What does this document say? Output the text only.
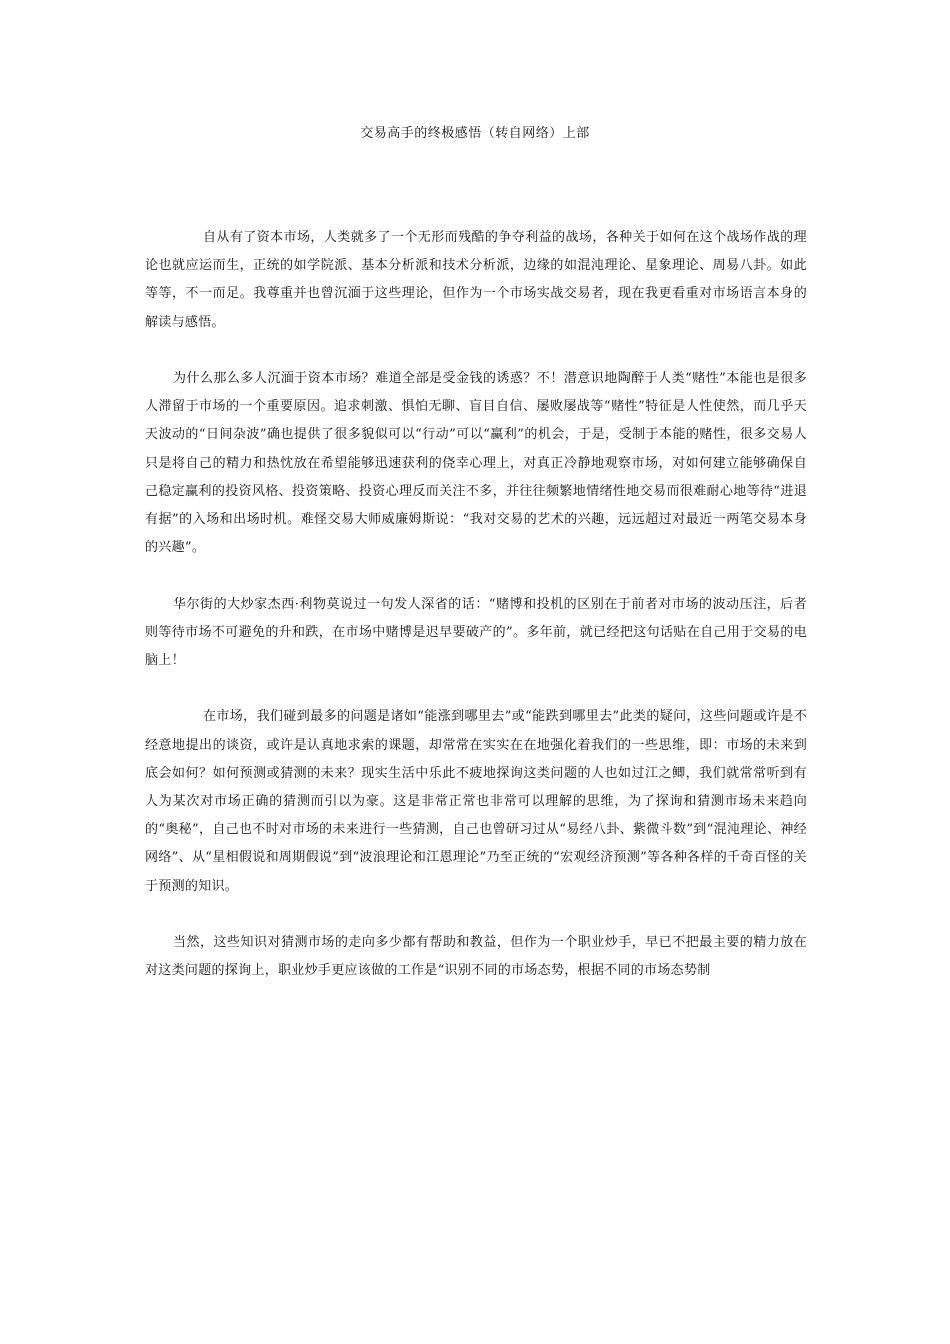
交易高手的终极感悟（转自网络）上部

自从有了资本市场，人类就多了一个无形而残酷的争夺利益的战场，各种关于如何在这个战场作战的理论也就应运而生，正统的如学院派、基本分析派和技术分析派，边缘的如混沌理论、星象理论、周易八卦。如此等等，不一而足。我尊重并也曾沉湎于这些理论，但作为一个市场实战交易者，现在我更看重对市场语言本身的解读与感悟。

为什么那么多人沉湎于资本市场？难道全部是受金钱的诱惑？不！潜意识地陶醉于人类“赌性”本能也是很多人滞留于市场的一个重要原因。追求刺激、惧怕无聊、盲目自信、屡败屡战等“赌性”特征是人性使然，而几乎天天波动的“日间杂波”确也提供了很多貌似可以“行动”可以“赢利”的机会，于是，受制于本能的赌性，很多交易人只是将自己的精力和热忱放在希望能够迅速获利的侥幸心理上，对真正冷静地观察市场，对如何建立能够确保自己稳定赢利的投资风格、投资策略、投资心理反而关注不多，并往往频繁地情绪性地交易而很难耐心地等待“进退有据”的入场和出场时机。难怪交易大师威廉姆斯说：“我对交易的艺术的兴趣，远远超过对最近一两笔交易本身的兴趣”。

华尔街的大炒家杰西·利物莫说过一句发人深省的话：“赌博和投机的区别在于前者对市场的波动压注，后者则等待市场不可避免的升和跌，在市场中赌博是迟早要破产的”。多年前，就已经把这句话贴在自己用于交易的电脑上！

在市场，我们碰到最多的问题是诸如“能涨到哪里去”或“能跌到哪里去”此类的疑问，这些问题或许是不经意地提出的谈资，或许是认真地求索的课题，却常常在实实在在地强化着我们的一些思维，即：市场的未来到底会如何？如何预测或猜测的未来？现实生活中乐此不疲地探询这类问题的人也如过江之鲫，我们就常常听到有人为某次对市场正确的猜测而引以为豪。这是非常正常也非常可以理解的思维，为了探询和猜测市场未来趋向的“奥秘”，自己也不时对市场的未来进行一些猜测，自己也曾研习过从“易经八卦、紫微斗数”到“混沌理论、神经网络”、从“星相假说和周期假说”到“波浪理论和江恩理论”乃至正统的“宏观经济预测”等各种各样的千奇百怪的关于预测的知识。

当然，这些知识对猜测市场的走向多少都有帮助和教益，但作为一个职业炒手，早已不把最主要的精力放在对这类问题的探询上，职业炒手更应该做的工作是“识别不同的市场态势，根据不同的市场态势制
